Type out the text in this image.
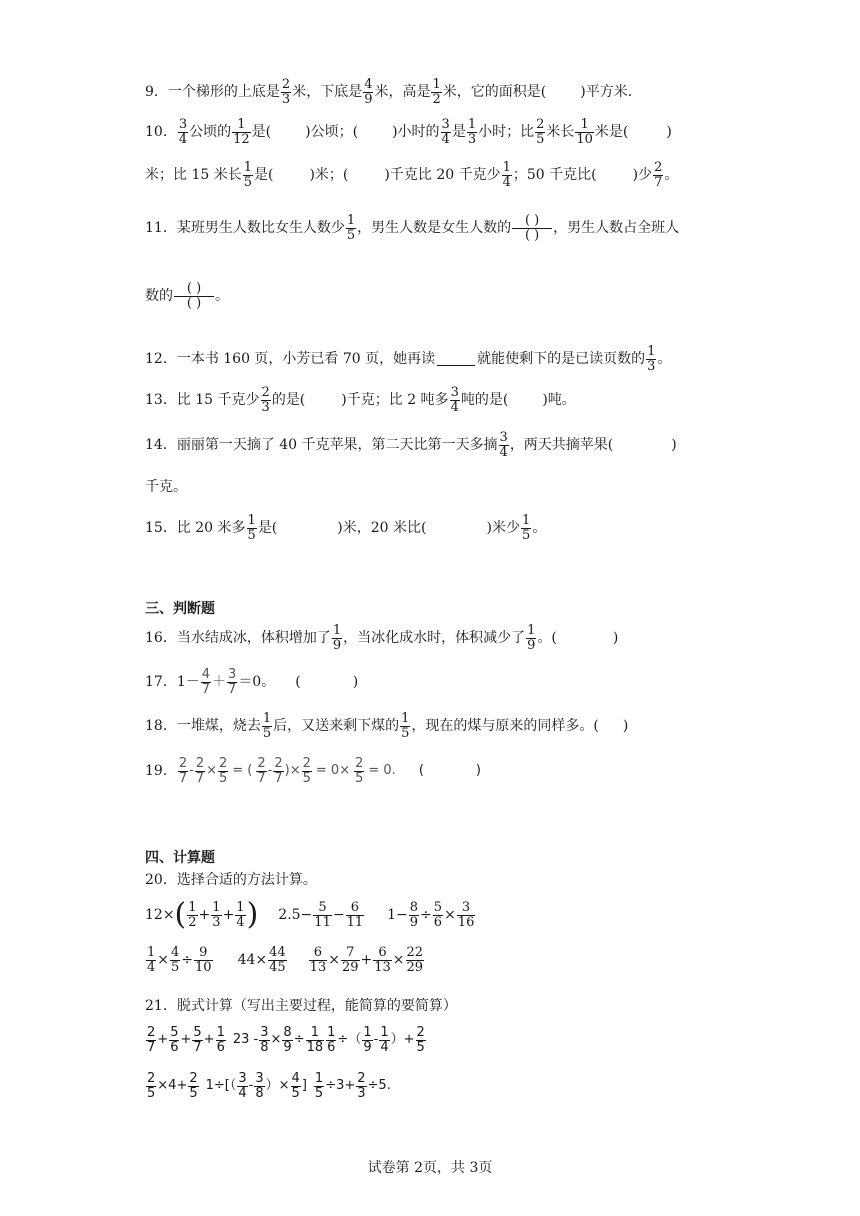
9．一个梯形的上底是 $\frac{2}{3}$ 米，下底是 $\frac{4}{9}$ 米，高是 $\frac{1}{2}$ 米，它的面积是( )平方米．
10． $\frac{3}{4}$ 公顷的 $\frac{1}{12}$ 是( )公顷；( )小时的 $\frac{3}{4}$ 是 $\frac{1}{3}$ 小时；比 $\frac{2}{5}$ 米长 $\frac{1}{10}$ 米是(	)
米；比 15 米长 $\frac{1}{5}$ 是(	)米；(	)千克比 20 千克少 $\frac{1}{4}$ ；50 千克比(	)少 $\frac{2}{7}$ 。
11．某班男生人数比女生人数少 $\frac{1}{5}$ ，男生人数是女生人数的 $\frac{( )}{( )}$ ，男生人数占全班人
数的 $\frac{( )}{( )}$ 。
12．一本书 160 页，小芳已看 70 页，她再读	就能使剩下的是已读页数的 $\frac{1}{3}$ 。
13．比 15 千克少 $\frac{2}{3}$ 的是(	)千克；比 2 吨多 $\frac{3}{4}$ 吨的是( )吨。
14．丽丽第一天摘了 40 千克苹果，第二天比第一天多摘 $\frac{3}{4}$ ，两天共摘苹果(	)
千克。
15．比 20 米多 $\frac{1}{5}$ 是(	)米，20 米比(	)米少 $\frac{1}{5}$ 。
三、判断题
16．当水结成冰，体积增加了 $\frac{1}{9}$ ，当冰化成水时，体积减少了 $\frac{1}{9}$ 。(	)
17． $1- \frac{4}{7} + \frac{3}{7} =0$。 (	)
18．一堆煤，烧去 $\frac{1}{5}$ 后，又送来剩下煤的 $\frac{1}{5}$ ，现在的煤与原来的同样多。( )
19． $\frac{2}{7} - \frac{2}{7} \times \frac{2}{5}$ = ( $\frac{2}{7} - \frac{2}{7}$ )× $\frac{2}{5} = 0\times \frac{2}{5} = 0$. (	)
四、计算题
20．选择合适的方法计算。
12× ( $\frac{1}{2} + \frac{1}{3} + \frac{1}{4}$ ) $2.5- \frac{5}{11} - \frac{6}{11} 1- \frac{8}{9} \div \frac{5}{6} \times \frac{3}{16}$
$\frac{1}{4} \times \frac{4}{5} \div \frac{9}{10} 44\times \frac{44}{45} \frac{6}{13} \times \frac{7}{29} + \frac{6}{13} \times \frac{22}{29}$
21．脱式计算（写出主要过程，能简算的要简算）
$\frac{2}{7} + \frac{5}{6} + \frac{5}{7} + \frac{1}{6} 23 - \frac{3}{8} \times \frac{8}{9} \div \frac{1}{18} \frac{1}{6}$ ÷（ $\frac{1}{9} - \frac{1}{4}$ ）+ $\frac{2}{5}$
$\frac{2}{5} \times 4+ \frac{2}{5} 1\div[( \frac{3}{4} - \frac{3}{8}$ ）× $\frac{4}{5}$ ] $\frac{1}{5} \div 3+ \frac{2}{3} \div 5$.
试卷第 2页，共 3页
